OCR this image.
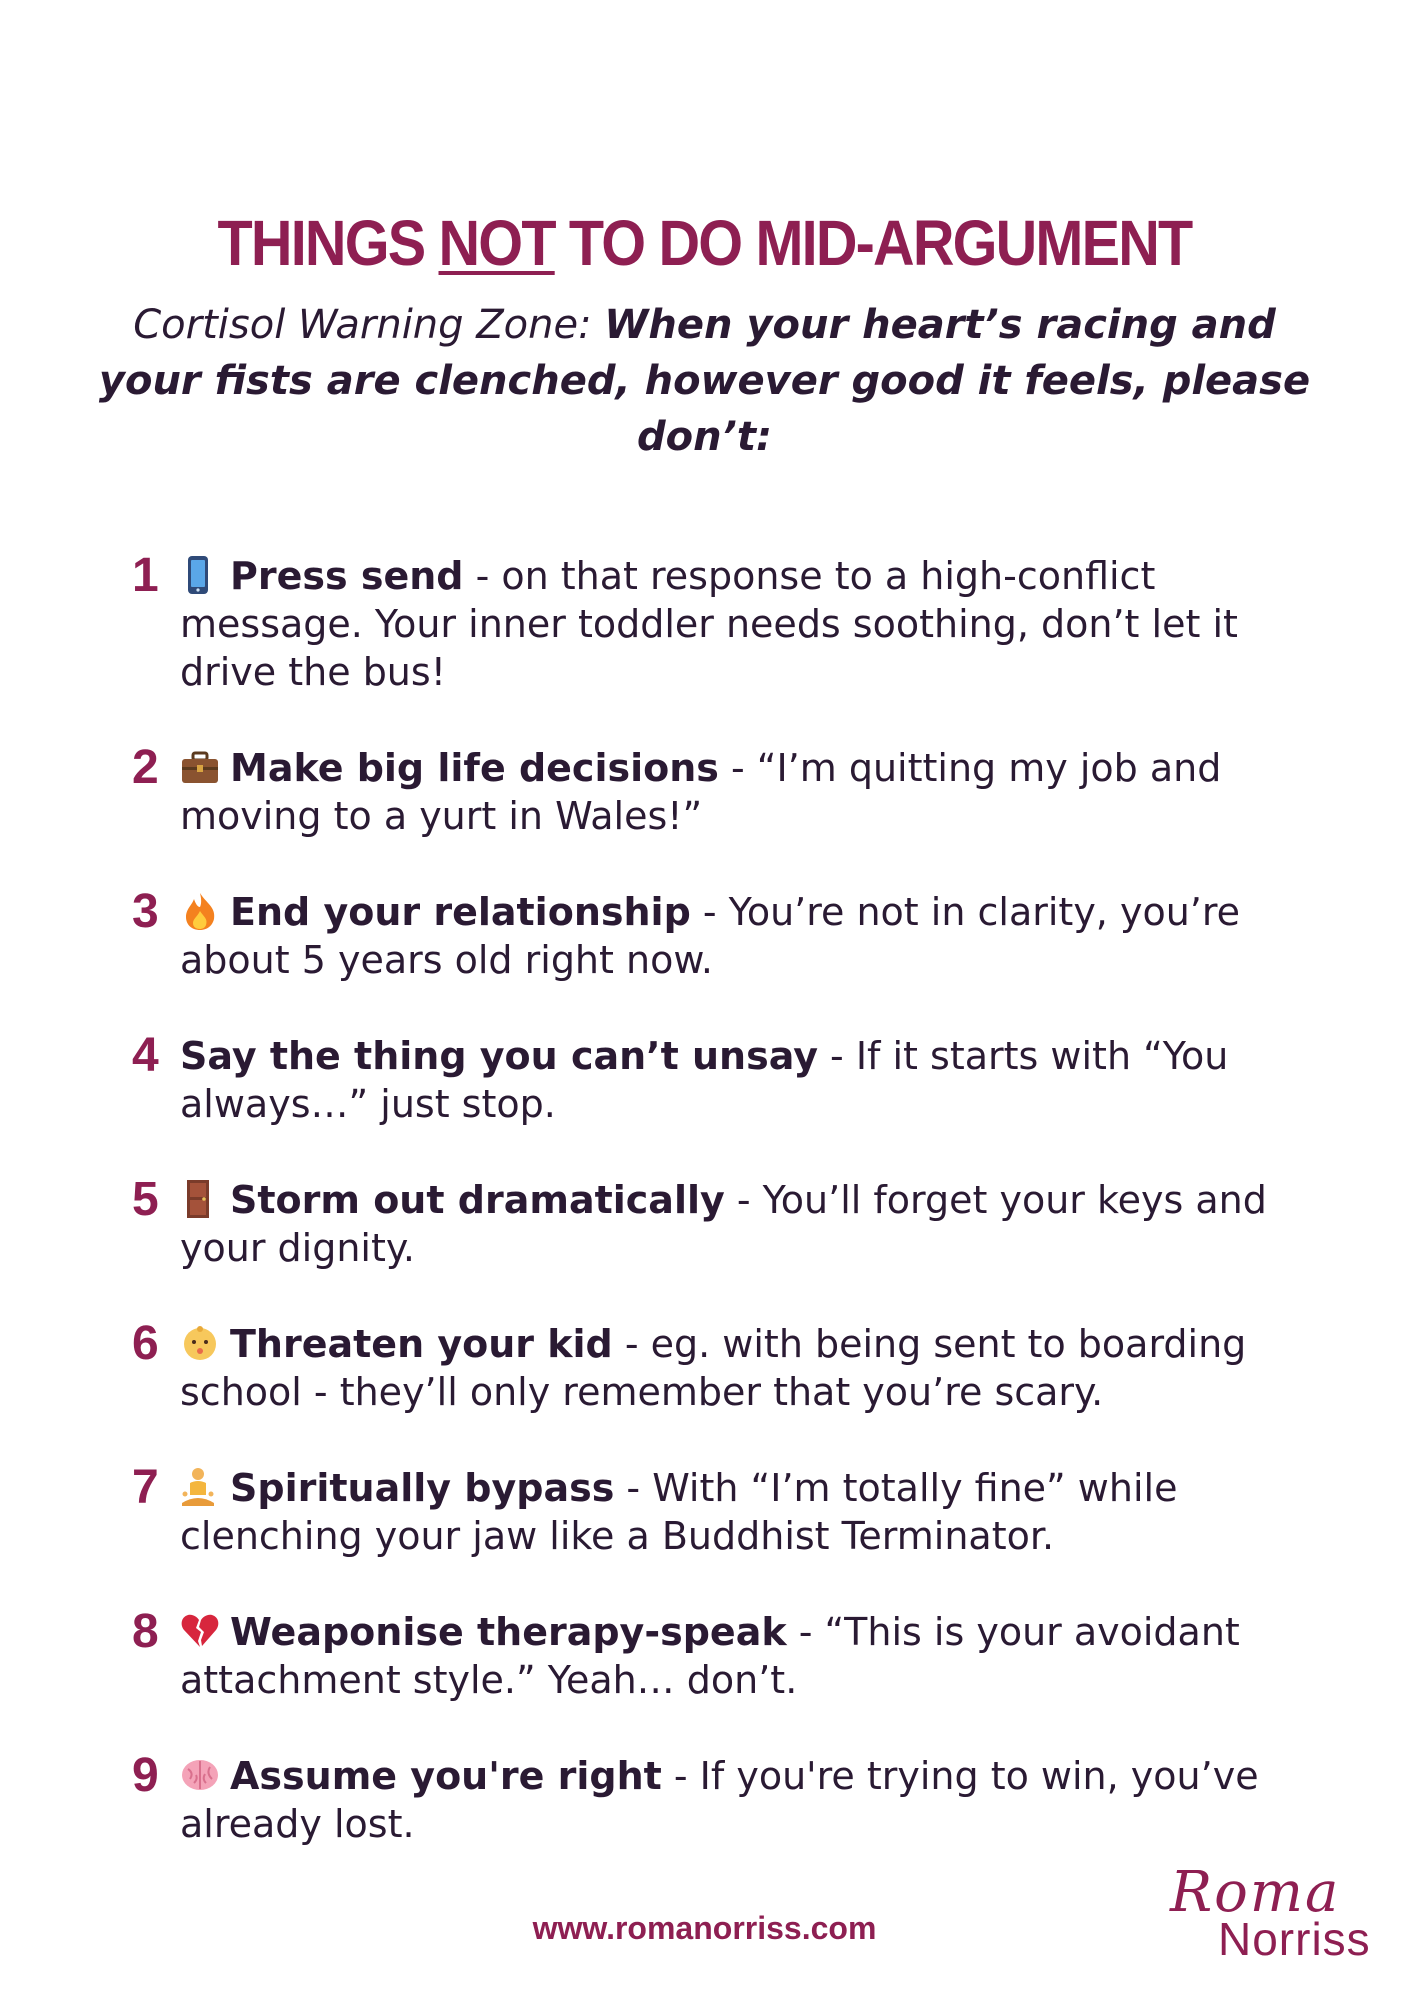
THINGS NOT TO DO MID-ARGUMENT
Cortisol Warning Zone: When your heart’s racing and your fists are clenched, however good it feels, please don’t:
1	Press send - on that response to a high-conflict message. Your inner toddler needs soothing, don’t let it drive the bus!
2	Make big life decisions - “I’m quitting my job and moving to a yurt in Wales!”
3	End your relationship - You’re not in clarity, you’re about 5 years old right now.
4 Say the thing you can’t unsay - If it starts with “You always…” just stop.
5	Storm out dramatically - You’ll forget your keys and your dignity.
6	Threaten your kid - eg. with being sent to boarding school - they’ll only remember that you’re scary.
7	Spiritually bypass - With “I’m totally fine” while clenching your jaw like a Buddhist Terminator.
8	Weaponise therapy-speak - “This is your avoidant attachment style.” Yeah… don’t.
9	Assume you're right - If you're trying to win, you’ve already lost.
www.romanorriss.com
Roma
Norriss
